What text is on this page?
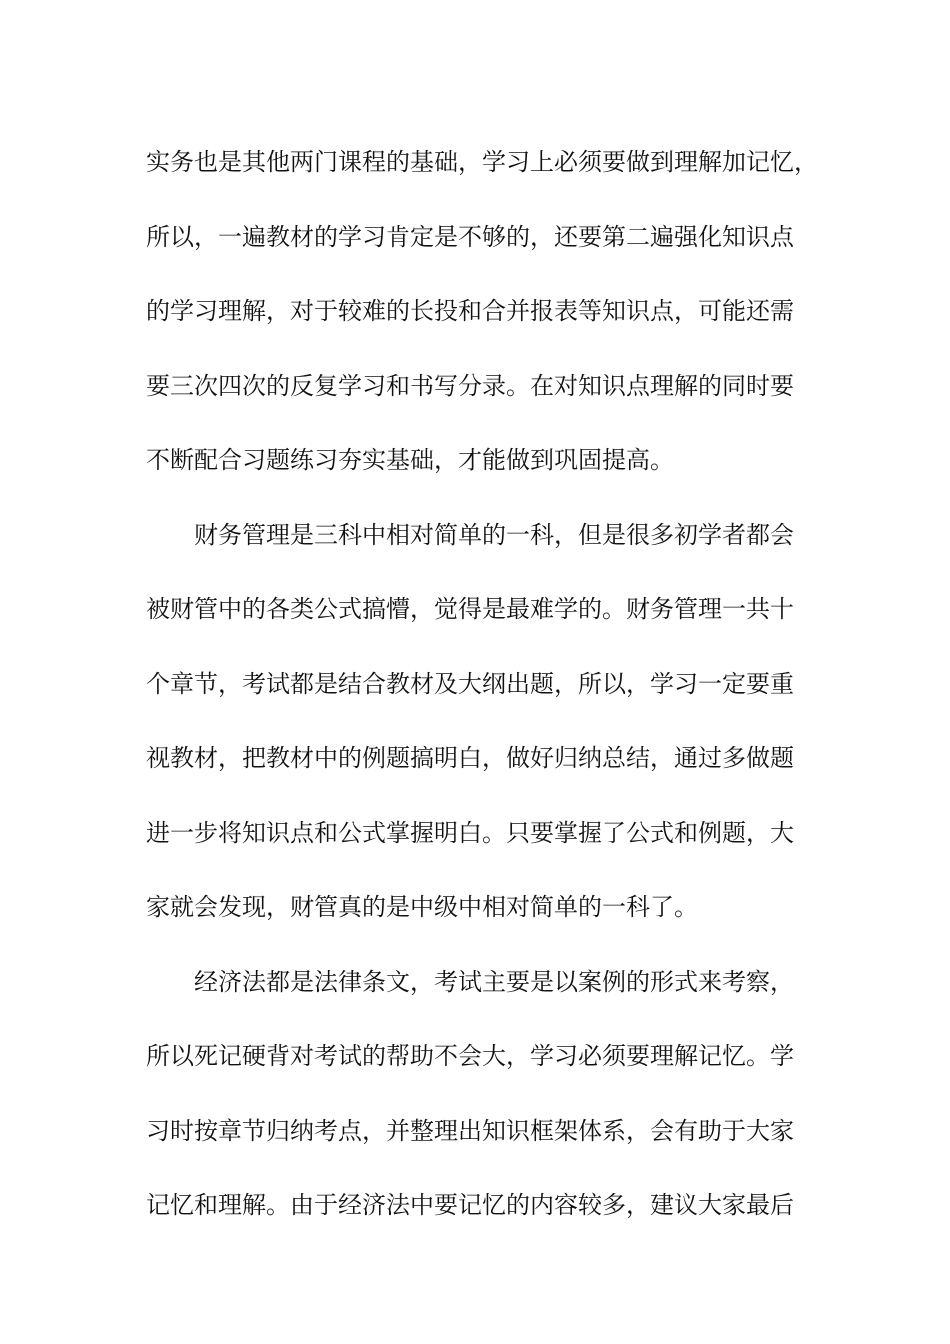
实务也是其他两门课程的基础，学习上必须要做到理解加记忆，
所以，一遍教材的学习肯定是不够的，还要第二遍强化知识点
的学习理解，对于较难的长投和合并报表等知识点，可能还需
要三次四次的反复学习和书写分录。在对知识点理解的同时要
不断配合习题练习夯实基础，才能做到巩固提高。
财务管理是三科中相对简单的一科，但是很多初学者都会
被财管中的各类公式搞懵，觉得是最难学的。财务管理一共十
个章节，考试都是结合教材及大纲出题，所以，学习一定要重
视教材，把教材中的例题搞明白，做好归纳总结，通过多做题
进一步将知识点和公式掌握明白。只要掌握了公式和例题，大
家就会发现，财管真的是中级中相对简单的一科了。
经济法都是法律条文，考试主要是以案例的形式来考察，
所以死记硬背对考试的帮助不会大，学习必须要理解记忆。学
习时按章节归纳考点，并整理出知识框架体系，会有助于大家
记忆和理解。由于经济法中要记忆的内容较多，建议大家最后
